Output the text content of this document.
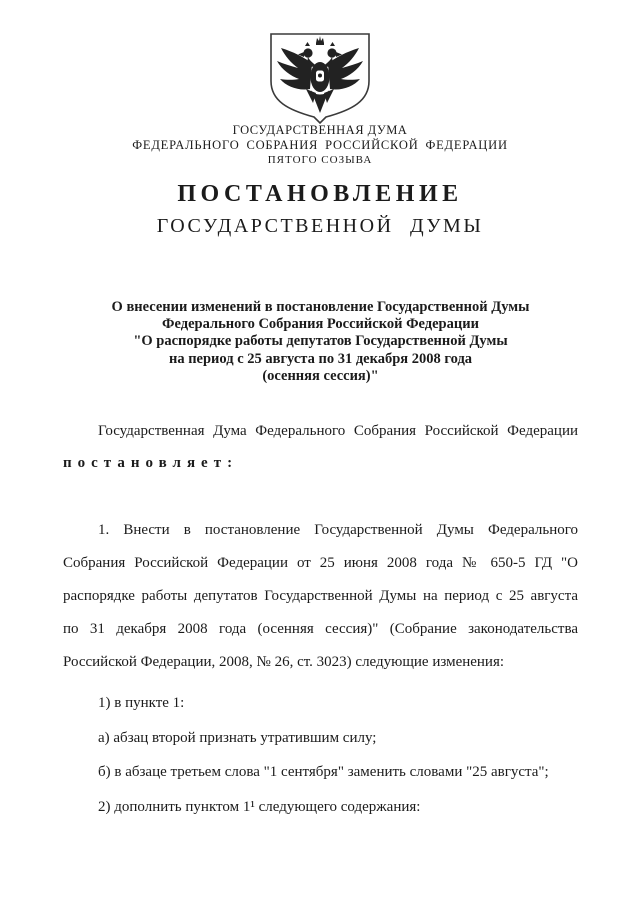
ГОСУДАРСТВЕННАЯ ДУМА
ФЕДЕРАЛЬНОГО СОБРАНИЯ РОССИЙСКОЙ ФЕДЕРАЦИИ
ПЯТОГО СОЗЫВА
ПОСТАНОВЛЕНИЕ
ГОСУДАРСТВЕННОЙ ДУМЫ
О внесении изменений в постановление Государственной Думы
Федерального Собрания Российской Федерации
"О распорядке работы депутатов Государственной Думы
на период с 25 августа по 31 декабря 2008 года
(осенняя сессия)"
Государственная Дума Федерального Собрания Российской Федерации
постановляет:
1. Внести в постановление Государственной Думы Федерального
Собрания Российской Федерации от 25 июня 2008 года № 650-5 ГД "О
распорядке работы депутатов Государственной Думы на период с 25 августа
по 31 декабря 2008 года (осенняя сессия)" (Собрание законодательства
Российской Федерации, 2008, № 26, ст. 3023) следующие изменения:
1) в пункте 1:
а) абзац второй признать утратившим силу;
б) в абзаце третьем слова "1 сентября" заменить словами "25 августа";
2) дополнить пунктом 1¹ следующего содержания:
